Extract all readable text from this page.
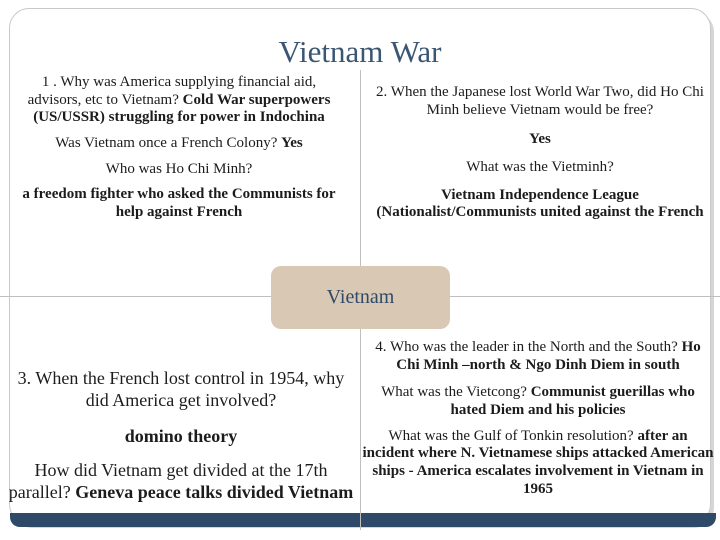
Vietnam War

1 . Why was America supplying financial aid, advisors, etc to Vietnam? Cold War superpowers (US/USSR) struggling for power in Indochina

Was Vietnam once a French Colony? Yes

Who was Ho Chi Minh?

a freedom fighter who asked the Communists for help against French

2. When the Japanese lost World War Two, did Ho Chi Minh believe Vietnam would be free?

Yes

What was the Vietminh?

Vietnam Independence League (Nationalist/Communists united against the French

Vietnam

3. When the French lost control in 1954, why did America get involved?

domino theory

How did Vietnam get divided at the 17th parallel? Geneva peace talks divided Vietnam

4. Who was the leader in the North and the South? Ho Chi Minh –north & Ngo Dinh Diem in south

What was the Vietcong? Communist guerillas who hated Diem and his policies

What was the Gulf of Tonkin resolution? after an incident where N. Vietnamese ships attacked American ships - America escalates involvement in Vietnam in 1965
